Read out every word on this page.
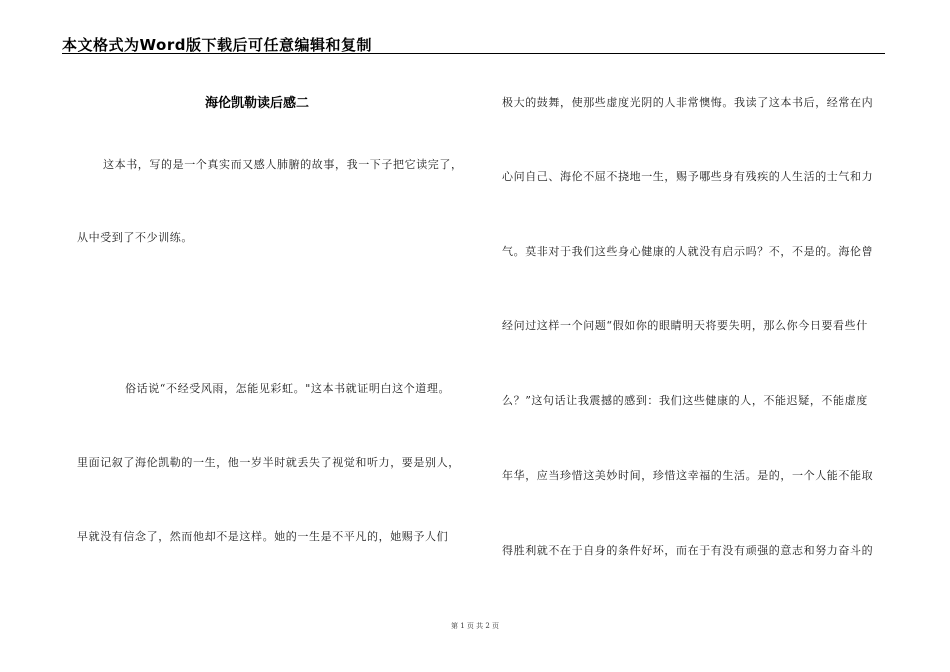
本文格式为Word版下载后可任意编辑和复制
海伦凯勒读后感二
这本书，写的是一个真实而又感人肺腑的故事，我一下子把它读完了，
从中受到了不少训练。
俗话说“不经受风雨，怎能见彩虹。"这本书就证明白这个道理。
里面记叙了海伦凯勒的一生，他一岁半时就丢失了视觉和听力，要是别人，
早就没有信念了，然而他却不是这样。她的一生是不平凡的，她赐予人们
极大的鼓舞，使那些虚度光阴的人非常懊悔。我读了这本书后，经常在内
心问自己、海伦不屈不挠地一生，赐予哪些身有残疾的人生活的士气和力
气。莫非对于我们这些身心健康的人就没有启示吗？不，不是的。海伦曾
经问过这样一个问题“假如你的眼睛明天将要失明，那么你今日要看些什
么？”这句话让我震撼的感到：我们这些健康的人，不能迟疑，不能虚度
年华，应当珍惜这美妙时间，珍惜这幸福的生活。是的，一个人能不能取
得胜利就不在于自身的条件好坏，而在于有没有顽强的意志和努力奋斗的
第 1 页 共 2 页
